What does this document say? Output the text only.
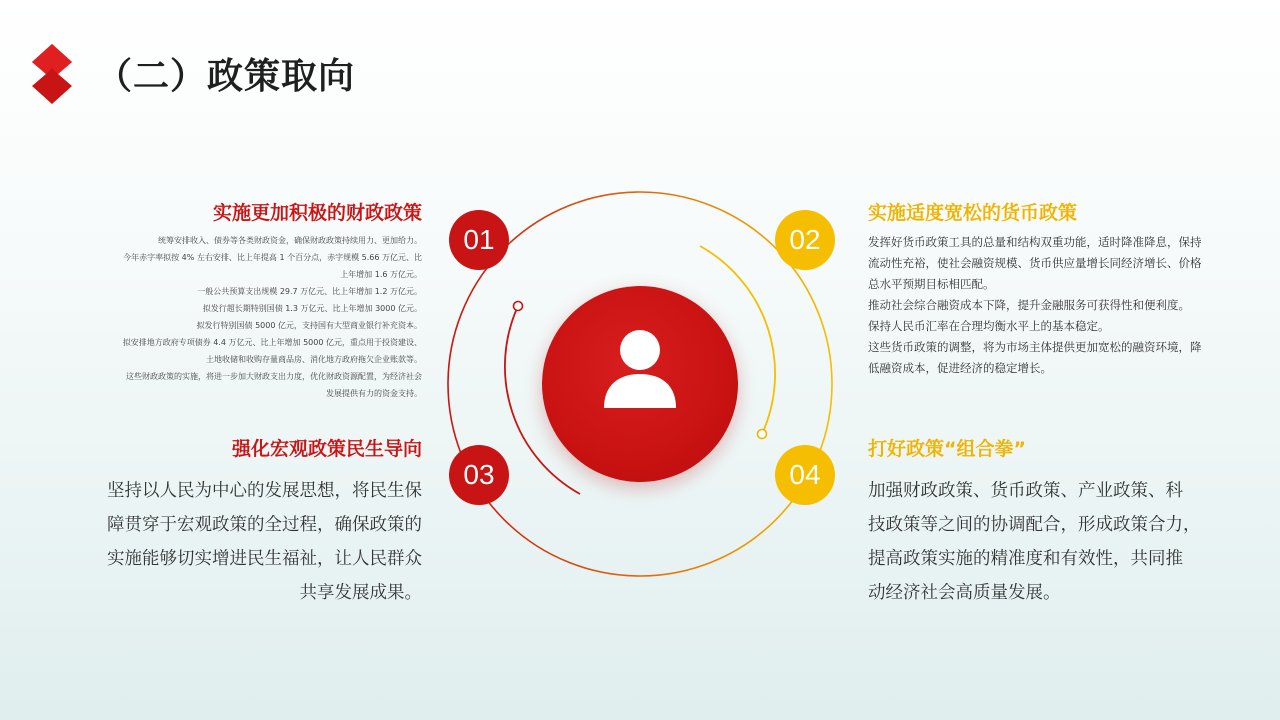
（二）政策取向
01	02
03	04
实施更加积极的财政政策
统筹安排收入、债券等各类财政资金，确保财政政策持续用力、更加给力。
今年赤字率拟按 4% 左右安排、比上年提高 1 个百分点，赤字规模 5.66 万亿元、比
上年增加 1.6 万亿元。
一般公共预算支出规模 29.7 万亿元、比上年增加 1.2 万亿元。
拟发行超长期特别国债 1.3 万亿元、比上年增加 3000 亿元。
拟发行特别国债 5000 亿元，支持国有大型商业银行补充资本。
拟安排地方政府专项债券 4.4 万亿元、比上年增加 5000 亿元，重点用于投资建设、
土地收储和收购存量商品房、消化地方政府拖欠企业账款等。
这些财政政策的实施，将进一步加大财政支出力度，优化财政资源配置，为经济社会
发展提供有力的资金支持。
实施适度宽松的货币政策
发挥好货币政策工具的总量和结构双重功能，适时降准降息，保持
流动性充裕，使社会融资规模、货币供应量增长同经济增长、价格
总水平预期目标相匹配。
推动社会综合融资成本下降，提升金融服务可获得性和便利度。
保持人民币汇率在合理均衡水平上的基本稳定。
这些货币政策的调整，将为市场主体提供更加宽松的融资环境，降
低融资成本，促进经济的稳定增长。
强化宏观政策民生导向
坚持以人民为中心的发展思想，将民生保
障贯穿于宏观政策的全过程，确保政策的
实施能够切实增进民生福祉，让人民群众
共享发展成果。
打好政策“组合拳”
加强财政政策、货币政策、产业政策、科
技政策等之间的协调配合，形成政策合力，
提高政策实施的精准度和有效性，共同推
动经济社会高质量发展。
